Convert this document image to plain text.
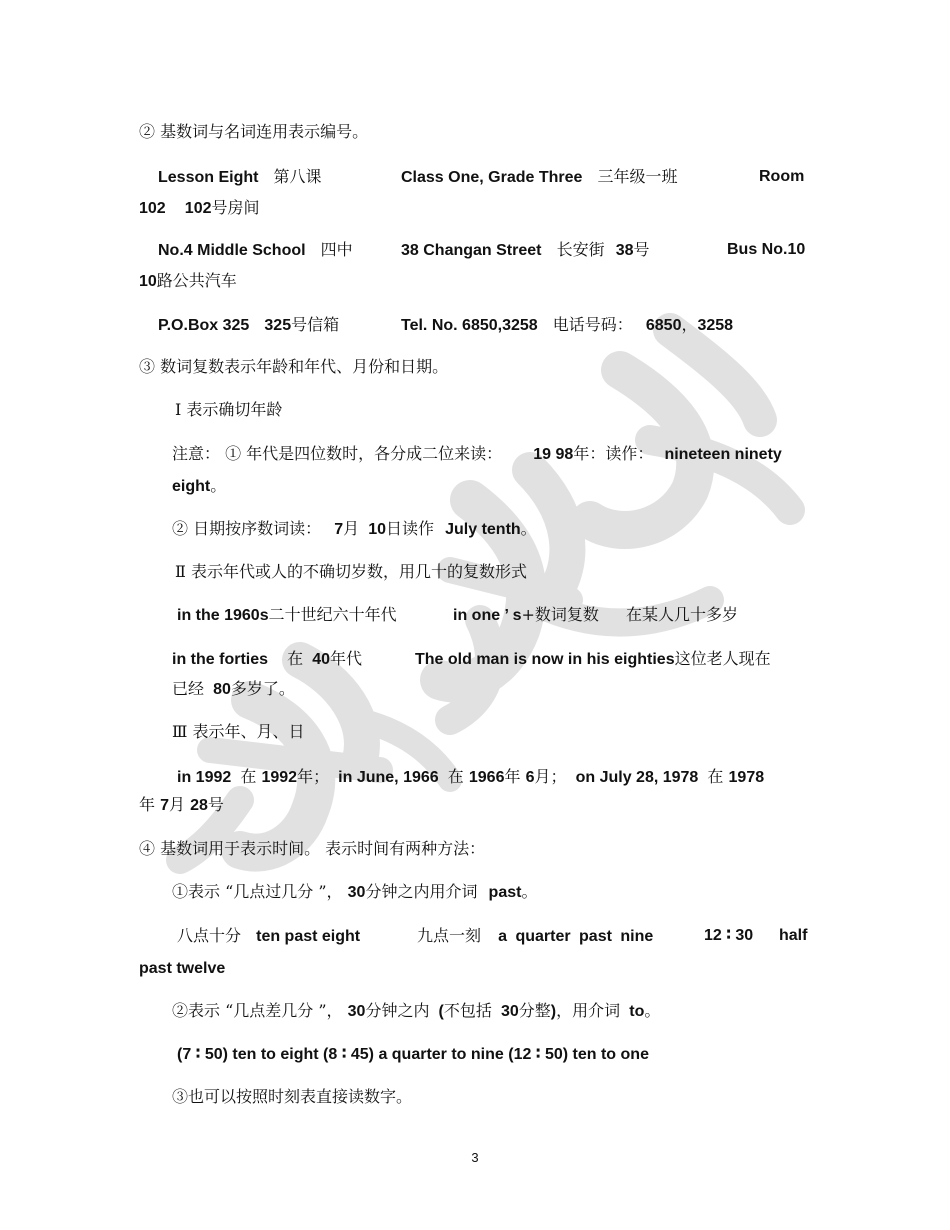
② 基数词与名词连用表示编号。
Lesson Eight 第八课	Class One, Grade Three 三年级一班	Room
102 102号房间
No.4 Middle School 四中	38 Changan Street 长安街 38号	Bus No.10
10路公共汽车
P.O.Box 325 325号信箱	Tel. No. 6850,3258 电话号码： 6850，3258
③ 数词复数表示年龄和年代、月份和日期。
Ⅰ 表示确切年龄
注意： ① 年代是四位数时，各分成二位来读： 19 98年：读作： nineteen ninety
eight。
② 日期按序数词读： 7月 10日读作 July tenth。
Ⅱ 表示年代或人的不确切岁数，用几十的复数形式
in the 1960s二十世纪六十年代	in one ’ s+数词复数 在某人几十多岁
in the forties 在 40年代	The old man is now in his eighties这位老人现在
已经 80多岁了。
Ⅲ 表示年、月、日
in 1992 在 1992年； in June, 1966 在 1966年 6月； on July 28, 1978 在 1978
年 7月 28号
④ 基数词用于表示时间。 表示时间有两种方法：
①表示 “几点过几分 ”， 30分钟之内用介词 past。
八点十分 ten past eight	九点一刻 a quarter past nine	12 ∶ 30 half
past twelve
②表示 “几点差几分 ”， 30分钟之内 (不包括 30分整)，用介词 to。
(7 ∶ 50) ten to eight (8 ∶ 45) a quarter to nine (12 ∶ 50) ten to one
③也可以按照时刻表直接读数字。
3
